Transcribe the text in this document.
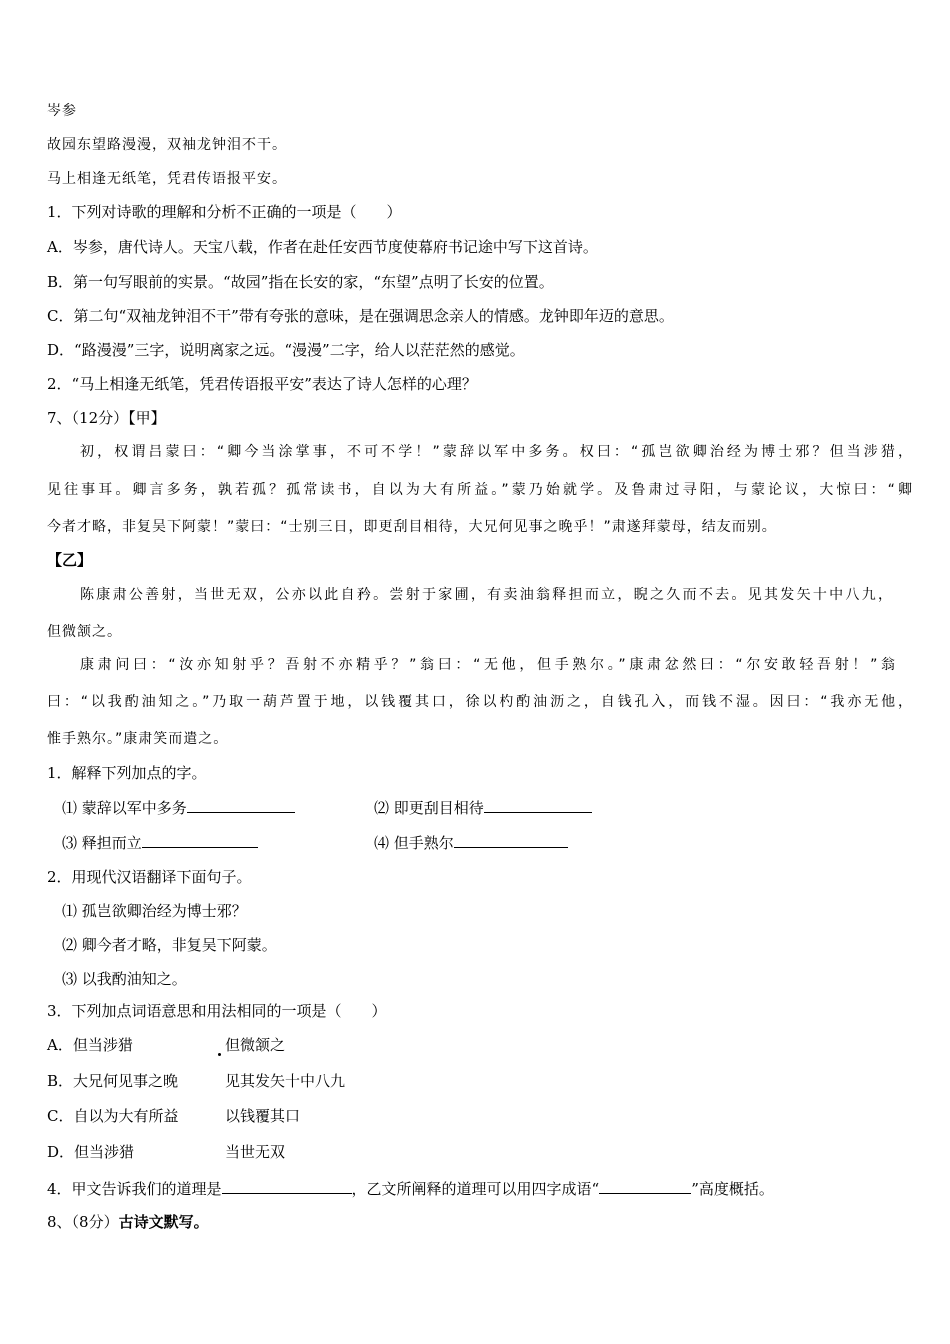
岑参
故园东望路漫漫，双袖龙钟泪不干。
马上相逢无纸笔，凭君传语报平安。
1．下列对诗歌的理解和分析不正确的一项是（　　）
A．岑参，唐代诗人。天宝八载，作者在赴任安西节度使幕府书记途中写下这首诗。
B．第一句写眼前的实景。“故园”指在长安的家，“东望”点明了长安的位置。
C．第二句“双袖龙钟泪不干”带有夸张的意味，是在强调思念亲人的情感。龙钟即年迈的意思。
D．“路漫漫”三字，说明离家之远。“漫漫”二字，给人以茫茫然的感觉。
2．“马上相逢无纸笔，凭君传语报平安”表达了诗人怎样的心理？
7、（12分）【甲】
初，权谓吕蒙曰：“卿今当涂掌事，不可不学！”蒙辞以军中多务。权曰：“孤岂欲卿治经为博士邪？但当涉猎，
见往事耳。卿言多务，孰若孤？孤常读书，自以为大有所益。”蒙乃始就学。及鲁肃过寻阳，与蒙论议，大惊曰：“卿
今者才略，非复吴下阿蒙！”蒙曰：“士别三日，即更刮目相待，大兄何见事之晚乎！”肃遂拜蒙母，结友而别。
【乙】
陈康肃公善射，当世无双，公亦以此自矜。尝射于家圃，有卖油翁释担而立，睨之久而不去。见其发矢十中八九，
但微颔之。
康肃问曰：“汝亦知射乎？吾射不亦精乎？”翁曰：“无他，但手熟尔。”康肃忿然曰：“尔安敢轻吾射！”翁
曰：“以我酌油知之。”乃取一葫芦置于地，以钱覆其口，徐以杓酌油沥之，自钱孔入，而钱不湿。因曰：“我亦无他，
惟手熟尔。”康肃笑而遣之。
1．解释下列加点的字。
⑴ 蒙辞以军中多务	⑵ 即更刮目相待
⑶ 释担而立	⑷ 但手熟尔
2．用现代汉语翻译下面句子。
⑴ 孤岂欲卿治经为博士邪？
⑵ 卿今者才略，非复吴下阿蒙。
⑶ 以我酌油知之。
3．下列加点词语意思和用法相同的一项是（　　）
A．但当涉猎	但微颔之
B．大兄何见事之晚	见其发矢十中八九
C．自以为大有所益	以钱覆其口
D．但当涉猎	当世无双
4．甲文告诉我们的道理是	，乙文所阐释的道理可以用四字成语“	”高度概括。
8、（8分）古诗文默写。
